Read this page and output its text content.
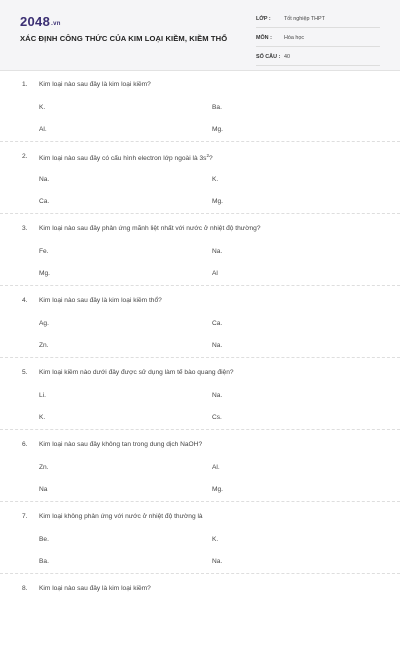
2048.vn
XÁC ĐỊNH CÔNG THỨC CỦA KIM LOẠI KIỀM, KIỀM THỔ
LỚP : Tốt nghiệp THPT
MÔN : Hóa học
SỐ CÂU : 40
1. Kim loại nào sau đây là kim loại kiềm?
K.	Ba.
Al.	Mg.
2. Kim loại nào sau đây có cấu hình electron lớp ngoài là $3s^2$?
Na.	K.
Ca.	Mg.
3. Kim loại nào sau đây phản ứng mãnh liệt nhất với nước ở nhiệt độ thường?
Fe.	Na.
Mg.	Al
4. Kim loại nào sau đây là kim loại kiềm thổ?
Ag.	Ca.
Zn.	Na.
5. Kim loại kiềm nào dưới đây được sử dụng làm tế bào quang điện?
Li.	Na.
K.	Cs.
6. Kim loại nào sau đây không tan trong dung dịch NaOH?
Zn.	Al.
Na	Mg.
7. Kim loại không phản ứng với nước ở nhiệt độ thường là
Be.	K.
Ba.	Na.
8. Kim loại nào sau đây là kim loại kiềm?
